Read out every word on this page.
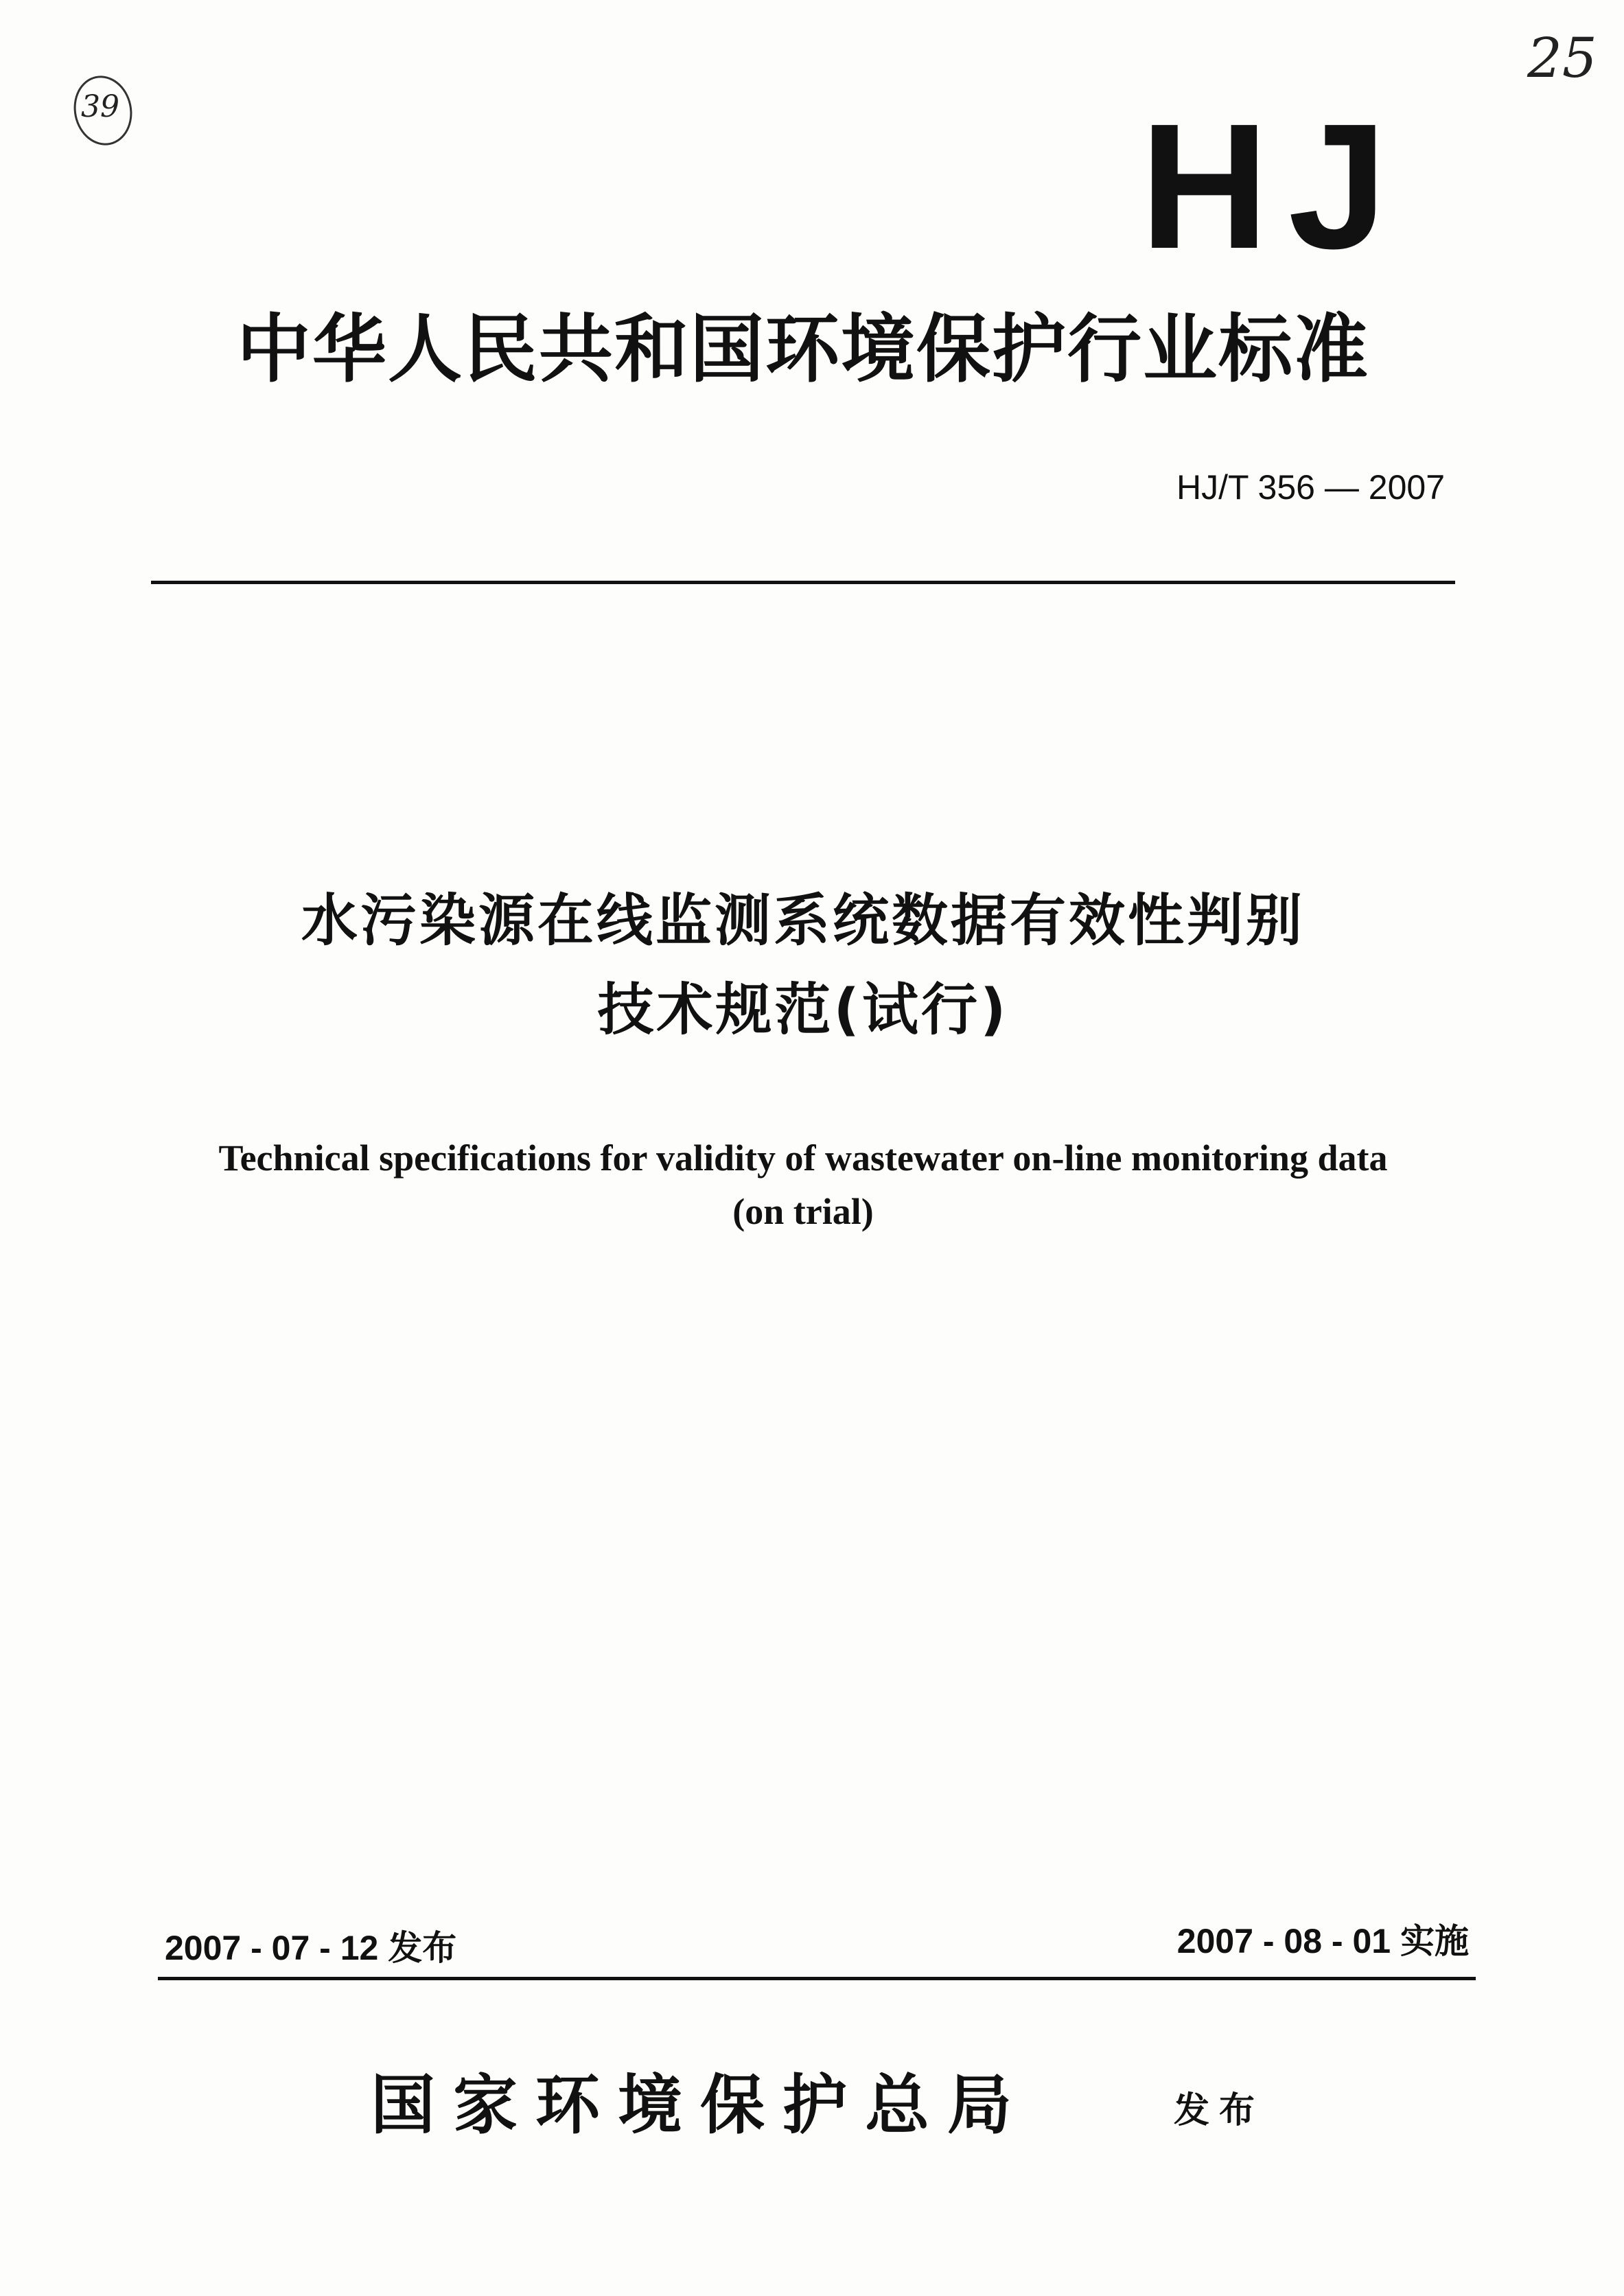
39
25
HJ
中华人民共和国环境保护行业标准
HJ/T 356 — 2007
水污染源在线监测系统数据有效性判别
技术规范(试行)
Technical specifications for validity of wastewater on-line monitoring data
(on trial)
2007 - 07 - 12 发布	2007 - 08 - 01 实施
国家环境保护总局	发布
